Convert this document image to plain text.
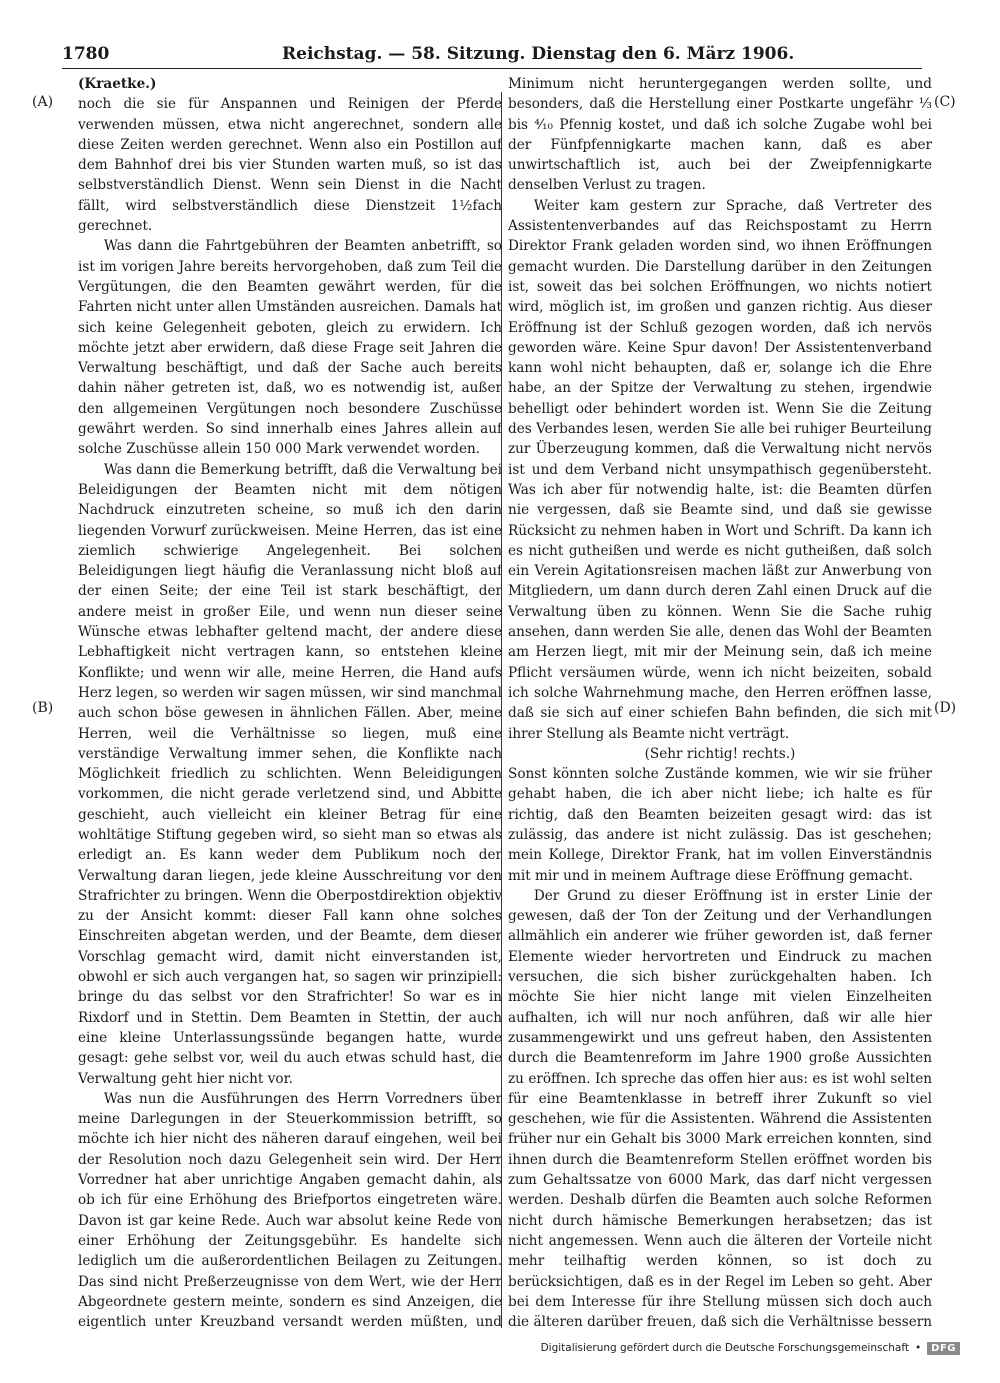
1780	Reichstag. — 58. Sitzung. Dienstag den 6. März 1906.
(A)
(B)
(C)
(D)

(Kraetke.)

noch die sie für Anspannen und Reinigen der Pferde verwenden müssen, etwa nicht angerechnet, sondern alle diese Zeiten werden gerechnet. Wenn also ein Postillon auf dem Bahnhof drei bis vier Stunden warten muß, so ist das selbstverständlich Dienst. Wenn sein Dienst in die Nacht fällt, wird selbstverständlich diese Dienstzeit 1½fach gerechnet.

Was dann die Fahrtgebühren der Beamten anbetrifft, so ist im vorigen Jahre bereits hervorgehoben, daß zum Teil die Vergütungen, die den Beamten gewährt werden, für die Fahrten nicht unter allen Umständen ausreichen. Damals hat sich keine Gelegenheit geboten, gleich zu erwidern. Ich möchte jetzt aber erwidern, daß diese Frage seit Jahren die Verwaltung beschäftigt, und daß der Sache auch bereits dahin näher getreten ist, daß, wo es notwendig ist, außer den allgemeinen Vergütungen noch besondere Zuschüsse gewährt werden. So sind innerhalb eines Jahres allein auf solche Zuschüsse allein 150 000 Mark verwendet worden.

Was dann die Bemerkung betrifft, daß die Verwaltung bei Beleidigungen der Beamten nicht mit dem nötigen Nachdruck einzutreten scheine, so muß ich den darin liegenden Vorwurf zurückweisen. Meine Herren, das ist eine ziemlich schwierige Angelegenheit. Bei solchen Beleidigungen liegt häufig die Veranlassung nicht bloß auf der einen Seite; der eine Teil ist stark beschäftigt, der andere meist in großer Eile, und wenn nun dieser seine Wünsche etwas lebhafter geltend macht, der andere diese Lebhaftigkeit nicht vertragen kann, so entstehen kleine Konflikte; und wenn wir alle, meine Herren, die Hand aufs Herz legen, so werden wir sagen müssen, wir sind manchmal auch schon böse gewesen in ähnlichen Fällen. Aber, meine Herren, weil die Verhältnisse so liegen, muß eine verständige Verwaltung immer sehen, die Konflikte nach Möglichkeit friedlich zu schlichten. Wenn Beleidigungen vorkommen, die nicht gerade verletzend sind, und Abbitte geschieht, auch vielleicht ein kleiner Betrag für eine wohltätige Stiftung gegeben wird, so sieht man so etwas als erledigt an. Es kann weder dem Publikum noch der Verwaltung daran liegen, jede kleine Ausschreitung vor den Strafrichter zu bringen. Wenn die Oberpostdirektion objektiv zu der Ansicht kommt: dieser Fall kann ohne solches Einschreiten abgetan werden, und der Beamte, dem dieser Vorschlag gemacht wird, damit nicht einverstanden ist, obwohl er sich auch vergangen hat, so sagen wir prinzipiell: bringe du das selbst vor den Strafrichter! So war es in Rixdorf und in Stettin. Dem Beamten in Stettin, der auch eine kleine Unterlassungssünde begangen hatte, wurde gesagt: gehe selbst vor, weil du auch etwas schuld hast, die Verwaltung geht hier nicht vor.

Was nun die Ausführungen des Herrn Vorredners über meine Darlegungen in der Steuerkommission betrifft, so möchte ich hier nicht des näheren darauf eingehen, weil bei der Resolution noch dazu Gelegenheit sein wird. Der Herr Vorredner hat aber unrichtige Angaben gemacht dahin, als ob ich für eine Erhöhung des Briefportos eingetreten wäre. Davon ist gar keine Rede. Auch war absolut keine Rede von einer Erhöhung der Zeitungsgebühr. Es handelte sich lediglich um die außerordentlichen Beilagen zu Zeitungen. Das sind nicht Preßerzeugnisse von dem Wert, wie der Herr Abgeordnete gestern meinte, sondern es sind Anzeigen, die eigentlich unter Kreuzband versandt werden müßten, und

Minimum nicht heruntergegangen werden sollte, und besonders, daß die Herstellung einer Postkarte ungefähr ⅓ bis ⁴⁄₁₀ Pfennig kostet, und daß ich solche Zugabe wohl bei der Fünfpfennigkarte machen kann, daß es aber unwirtschaftlich ist, auch bei der Zweipfennigkarte denselben Verlust zu tragen.

Weiter kam gestern zur Sprache, daß Vertreter des Assistentenverbandes auf das Reichspostamt zu Herrn Direktor Frank geladen worden sind, wo ihnen Eröffnungen gemacht wurden. Die Darstellung darüber in den Zeitungen ist, soweit das bei solchen Eröffnungen, wo nichts notiert wird, möglich ist, im großen und ganzen richtig. Aus dieser Eröffnung ist der Schluß gezogen worden, daß ich nervös geworden wäre. Keine Spur davon! Der Assistentenverband kann wohl nicht behaupten, daß er, solange ich die Ehre habe, an der Spitze der Verwaltung zu stehen, irgendwie behelligt oder behindert worden ist. Wenn Sie die Zeitung des Verbandes lesen, werden Sie alle bei ruhiger Beurteilung zur Überzeugung kommen, daß die Verwaltung nicht nervös ist und dem Verband nicht unsympathisch gegenübersteht. Was ich aber für notwendig halte, ist: die Beamten dürfen nie vergessen, daß sie Beamte sind, und daß sie gewisse Rücksicht zu nehmen haben in Wort und Schrift. Da kann ich es nicht gutheißen und werde es nicht gutheißen, daß solch ein Verein Agitationsreisen machen läßt zur Anwerbung von Mitgliedern, um dann durch deren Zahl einen Druck auf die Verwaltung üben zu können. Wenn Sie die Sache ruhig ansehen, dann werden Sie alle, denen das Wohl der Beamten am Herzen liegt, mit mir der Meinung sein, daß ich meine Pflicht versäumen würde, wenn ich nicht beizeiten, sobald ich solche Wahrnehmung mache, den Herren eröffnen lasse, daß sie sich auf einer schiefen Bahn befinden, die sich mit ihrer Stellung als Beamte nicht verträgt.

(Sehr richtig! rechts.)

Sonst könnten solche Zustände kommen, wie wir sie früher gehabt haben, die ich aber nicht liebe; ich halte es für richtig, daß den Beamten beizeiten gesagt wird: das ist zulässig, das andere ist nicht zulässig. Das ist geschehen; mein Kollege, Direktor Frank, hat im vollen Einverständnis mit mir und in meinem Auftrage diese Eröffnung gemacht.

Der Grund zu dieser Eröffnung ist in erster Linie der gewesen, daß der Ton der Zeitung und der Verhandlungen allmählich ein anderer wie früher geworden ist, daß ferner Elemente wieder hervortreten und Eindruck zu machen versuchen, die sich bisher zurückgehalten haben. Ich möchte Sie hier nicht lange mit vielen Einzelheiten aufhalten, ich will nur noch anführen, daß wir alle hier zusammengewirkt und uns gefreut haben, den Assistenten durch die Beamtenreform im Jahre 1900 große Aussichten zu eröffnen. Ich spreche das offen hier aus: es ist wohl selten für eine Beamtenklasse in betreff ihrer Zukunft so viel geschehen, wie für die Assistenten. Während die Assistenten früher nur ein Gehalt bis 3000 Mark erreichen konnten, sind ihnen durch die Beamtenreform Stellen eröffnet worden bis zum Gehaltssatze von 6000 Mark, das darf nicht vergessen werden. Deshalb dürfen die Beamten auch solche Reformen nicht durch hämische Bemerkungen herabsetzen; das ist nicht angemessen. Wenn auch die älteren der Vorteile nicht mehr teilhaftig werden können, so ist doch zu berücksichtigen, daß es in der Regel im Leben so geht. Aber bei dem Interesse für ihre Stellung müssen sich doch auch die älteren darüber freuen, daß sich die Verhältnisse bessern

Digitalisierung gefördert durch die Deutsche Forschungsgemeinschaft •	DFG
